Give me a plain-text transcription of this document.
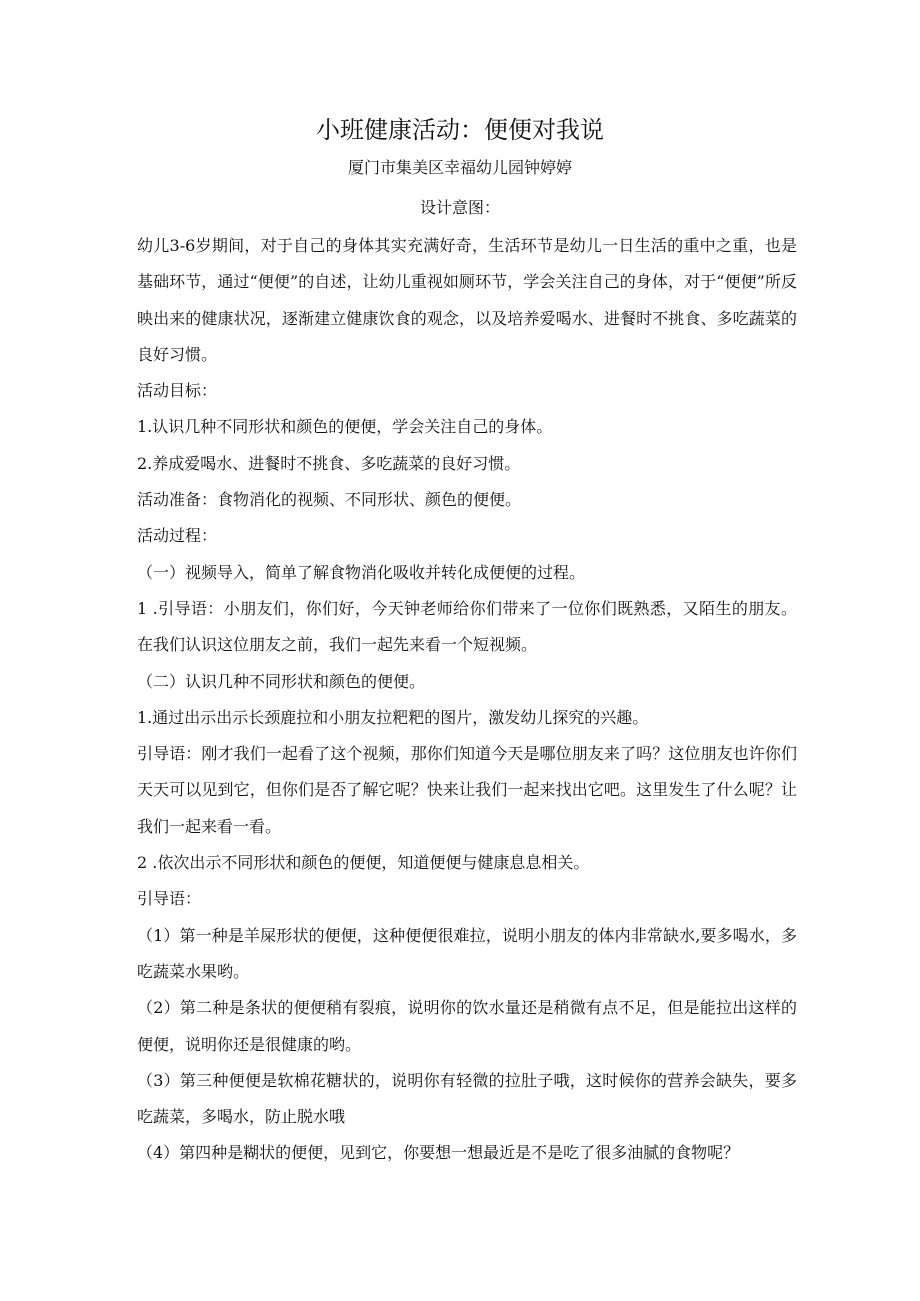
小班健康活动：便便对我说
厦门市集美区幸福幼儿园钟婷婷
设计意图：

幼儿3-6岁期间，对于自己的身体其实充满好奇，生活环节是幼儿一日生活的重中之重，也是基础环节，通过“便便”的自述，让幼儿重视如厕环节，学会关注自己的身体，对于“便便”所反映出来的健康状况，逐渐建立健康饮食的观念，以及培养爱喝水、进餐时不挑食、多吃蔬菜的良好习惯。

活动目标：

1.认识几种不同形状和颜色的便便，学会关注自己的身体。

2.养成爱喝水、进餐时不挑食、多吃蔬菜的良好习惯。

活动准备：食物消化的视频、不同形状、颜色的便便。

活动过程：

（一）视频导入，简单了解食物消化吸收并转化成便便的过程。

1 .引导语：小朋友们，你们好，今天钟老师给你们带来了一位你们既熟悉，又陌生的朋友。在我们认识这位朋友之前，我们一起先来看一个短视频。

（二）认识几种不同形状和颜色的便便。

1.通过出示出示长颈鹿拉和小朋友拉粑粑的图片，激发幼儿探究的兴趣。

引导语：刚才我们一起看了这个视频，那你们知道今天是哪位朋友来了吗？这位朋友也许你们天天可以见到它，但你们是否了解它呢？快来让我们一起来找出它吧。这里发生了什么呢？让我们一起来看一看。

2 .依次出示不同形状和颜色的便便，知道便便与健康息息相关。

引导语：

（1）第一种是羊屎形状的便便，这种便便很难拉，说明小朋友的体内非常缺水,要多喝水，多吃蔬菜水果哟。

（2）第二种是条状的便便稍有裂痕，说明你的饮水量还是稍微有点不足，但是能拉出这样的便便，说明你还是很健康的哟。

（3）第三种便便是软棉花糖状的，说明你有轻微的拉肚子哦，这时候你的营养会缺失，要多吃蔬菜，多喝水，防止脱水哦

（4）第四种是糊状的便便，见到它，你要想一想最近是不是吃了很多油腻的食物呢？
